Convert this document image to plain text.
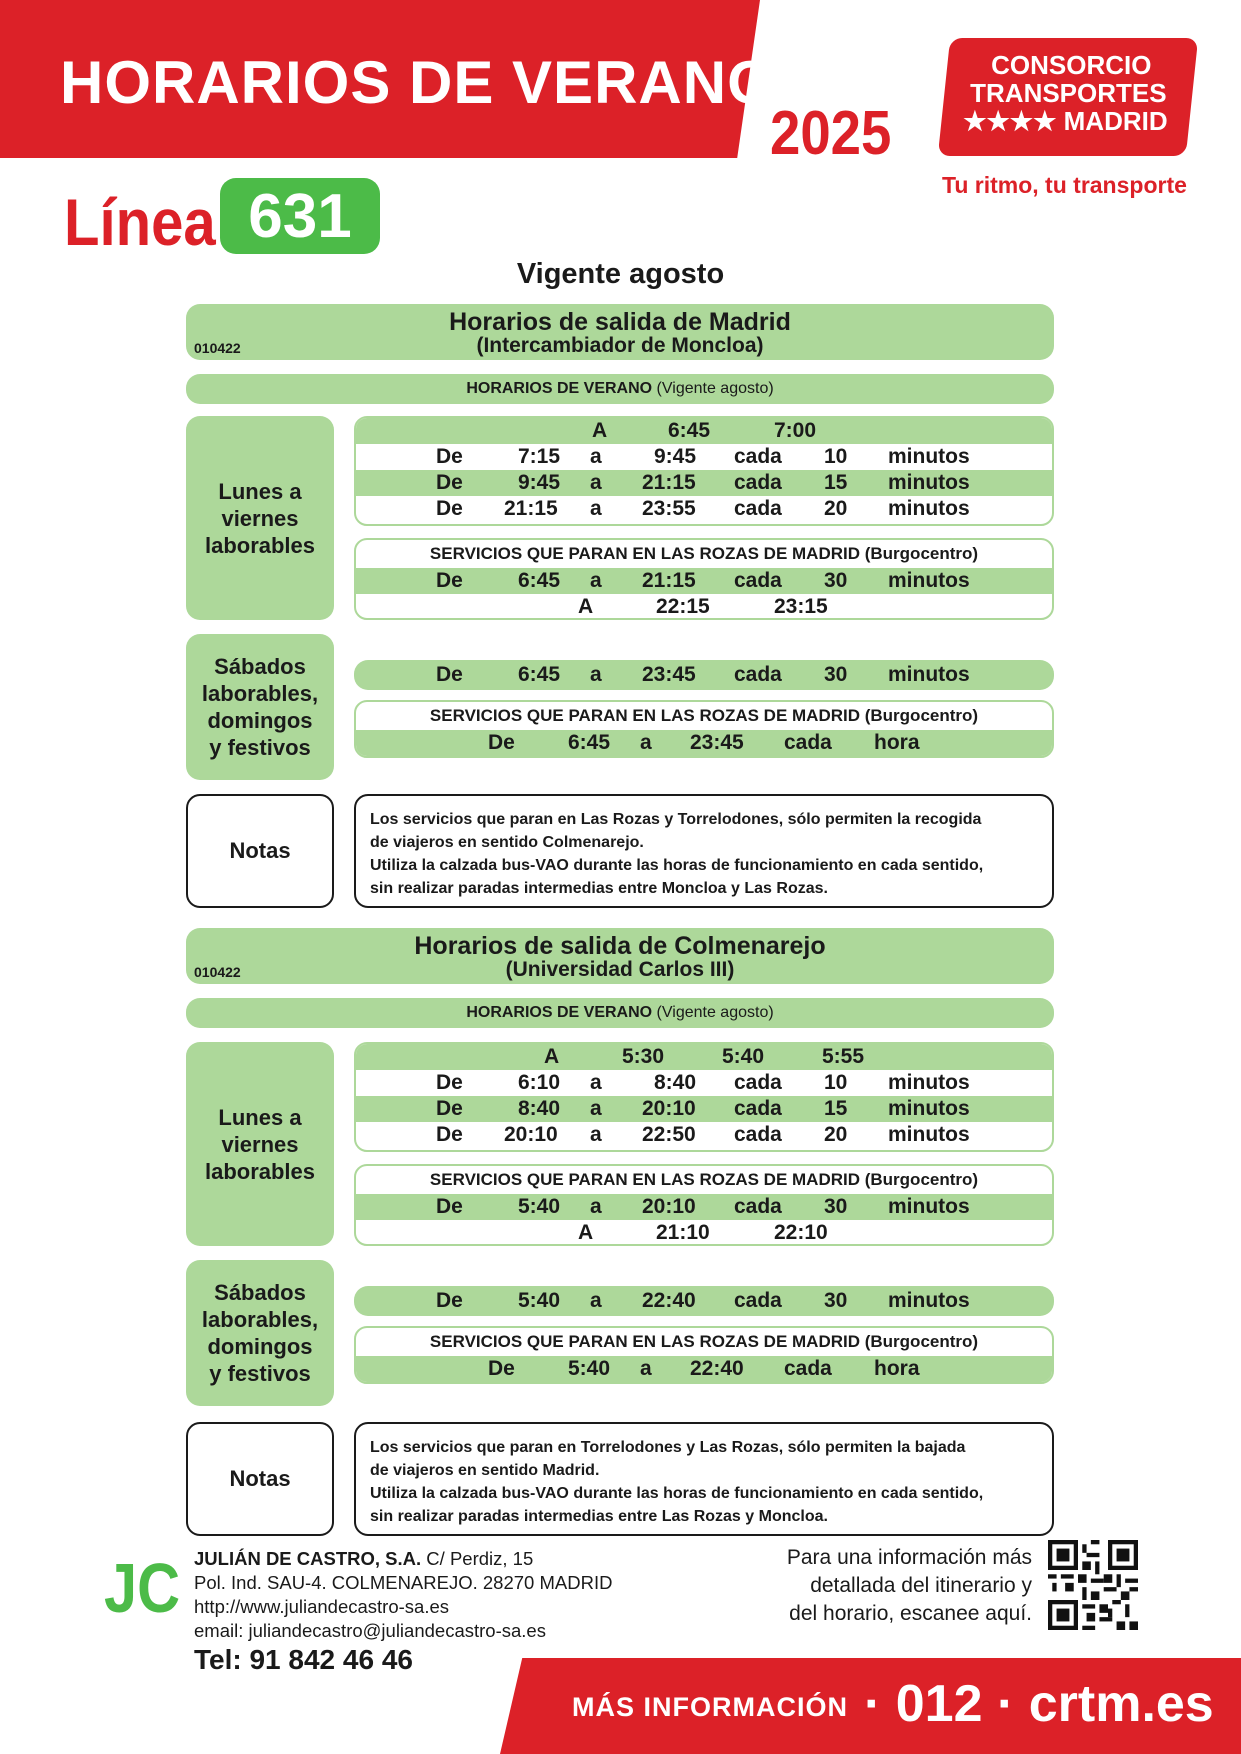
HORARIOS DE VERANO
2025
CONSORCIO
TRANSPORTES
★★★★ MADRID
Tu ritmo, tu transporte
Línea 631
Vigente agosto
Horarios de salida de Madrid
(Intercambiador de Moncloa)
010422
HORARIOS DE VERANO (Vigente agosto)
Lunes a
viernes
laborables
A	6:45	7:00
De	7:15 a 9:45 cada 10 minutos
De	9:45 a 21:15 cada 15 minutos
De 21:15 a 23:55 cada 20 minutos
SERVICIOS QUE PARAN EN LAS ROZAS DE MADRID (Burgocentro)
De	6:45 a 21:15 cada 30 minutos
A	22:15	23:15
Sábados
laborables,
domingos
y festivos
De	6:45 a 23:45 cada 30 minutos
SERVICIOS QUE PARAN EN LAS ROZAS DE MADRID (Burgocentro)
De	6:45 a 23:45 cada hora
Notas
Los servicios que paran en Las Rozas y Torrelodones, sólo permiten la recogida
de viajeros en sentido Colmenarejo.
Utiliza la calzada bus-VAO durante las horas de funcionamiento en cada sentido,
sin realizar paradas intermedias entre Moncloa y Las Rozas.
Horarios de salida de Colmenarejo
(Universidad Carlos III)
010422
HORARIOS DE VERANO (Vigente agosto)
Lunes a
viernes
laborables
A	5:30	5:40	5:55
De	6:10 a 8:40 cada 10 minutos
De	8:40 a 20:10 cada 15 minutos
De 20:10 a 22:50 cada 20 minutos
SERVICIOS QUE PARAN EN LAS ROZAS DE MADRID (Burgocentro)
De	5:40 a 20:10 cada 30 minutos
A	21:10	22:10
Sábados
laborables,
domingos
y festivos
De	5:40 a 22:40 cada 30 minutos
SERVICIOS QUE PARAN EN LAS ROZAS DE MADRID (Burgocentro)
De	5:40 a 22:40 cada hora
Notas
Los servicios que paran en Torrelodones y Las Rozas, sólo permiten la bajada
de viajeros en sentido Madrid.
Utiliza la calzada bus-VAO durante las horas de funcionamiento en cada sentido,
sin realizar paradas intermedias entre Las Rozas y Moncloa.
JC JULIÁN DE CASTRO, S.A. C/ Perdiz, 15
Pol. Ind. SAU-4. COLMENAREJO. 28270 MADRID
http://www.juliandecastro-sa.es
email: juliandecastro@juliandecastro-sa.es
Tel: 91 842 46 46
Para una información más
detallada del itinerario y
del horario, escanee aquí.
MÁS INFORMACIÓN · 012 · crtm.es
